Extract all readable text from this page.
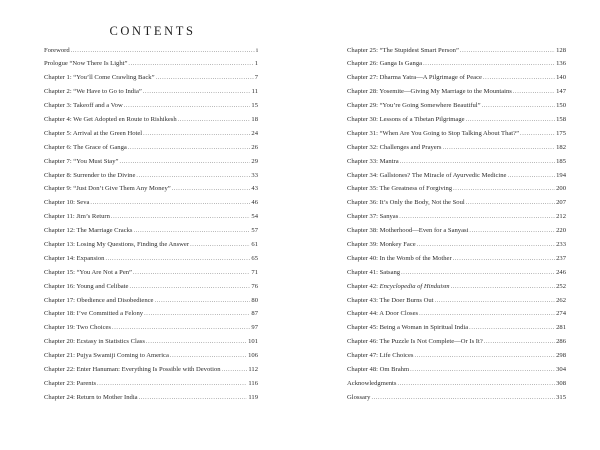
CONTENTS
Foreword . . .	i
Prologue “Now There Is Light” . . .	1
Chapter 1: “You’ll Come Crawling Back” . . .	7
Chapter 2: “We Have to Go to India” . . .	11
Chapter 3: Takeoff and a Vow . . .	15
Chapter 4: We Get Adopted en Route to Rishikesh . . .	18
Chapter 5: Arrival at the Green Hotel . . .	24
Chapter 6: The Grace of Ganga . . .	26
Chapter 7: “You Must Stay” . . .	29
Chapter 8: Surrender to the Divine . . .	33
Chapter 9: “Just Don’t Give Them Any Money” . . .	43
Chapter 10: Seva . . .	46
Chapter 11: Jim’s Return . . .	54
Chapter 12: The Marriage Cracks . . .	57
Chapter 13: Losing My Questions, Finding the Answer . . .	61
Chapter 14: Expansion . . .	65
Chapter 15: “You Are Not a Pen” . . .	71
Chapter 16: Young and Celibate . . .	76
Chapter 17: Obedience and Disobedience . . .	80
Chapter 18: I’ve Committed a Felony . . .	87
Chapter 19: Two Choices . . .	97
Chapter 20: Ecstasy in Statistics Class . . .	101
Chapter 21: Pujya Swamiji Coming to America . . .	106
Chapter 22: Enter Hanuman: Everything Is Possible with Devotion . . .	112
Chapter 23: Parents . . .	116
Chapter 24: Return to Mother India . . .	119
Chapter 25: “The Stupidest Smart Person” . . .	128
Chapter 26: Ganga Is Ganga . . .	136
Chapter 27: Dharma Yatra—A Pilgrimage of Peace . . .	140
Chapter 28: Yosemite—Giving My Marriage to the Mountains . . .	147
Chapter 29: “You’re Going Somewhere Beautiful” . . .	150
Chapter 30: Lessons of a Tibetan Pilgrimage . . .	158
Chapter 31: “When Are You Going to Stop Talking About That?” . . .	175
Chapter 32: Challenges and Prayers . . .	182
Chapter 33: Mantra . . .	185
Chapter 34: Gallstones? The Miracle of Ayurvedic Medicine . . .	194
Chapter 35: The Greatness of Forgiving . . .	200
Chapter 36: It’s Only the Body, Not the Soul . . .	207
Chapter 37: Sanyas . . .	212
Chapter 38: Motherhood—Even for a Sanyasi . . .	220
Chapter 39: Monkey Face . . .	233
Chapter 40: In the Womb of the Mother . . .	237
Chapter 41: Satsang . . .	246
Chapter 42: Encyclopedia of Hinduism . . .	252
Chapter 43: The Doer Burns Out . . .	262
Chapter 44: A Door Closes . . .	274
Chapter 45: Being a Woman in Spiritual India . . .	281
Chapter 46: The Puzzle Is Not Complete—Or Is It? . . .	286
Chapter 47: Life Choices . . .	298
Chapter 48: Om Brahm . . .	304
Acknowledgments . . .	308
Glossary . . .	315
